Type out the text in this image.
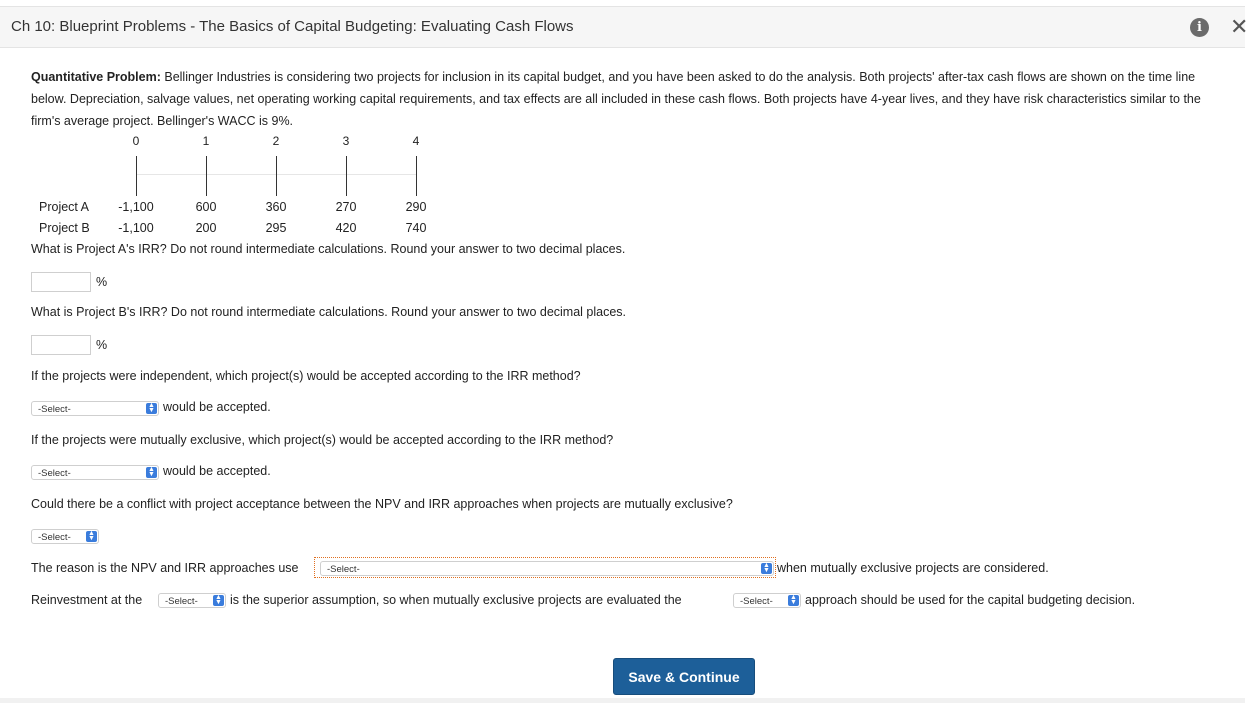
Ch 10: Blueprint Problems - The Basics of Capital Budgeting: Evaluating Cash Flows	i	✕
Quantitative Problem: Bellinger Industries is considering two projects for inclusion in its capital budget, and you have been asked to do the analysis. Both projects' after-tax cash flows are shown on the time line below. Depreciation, salvage values, net operating working capital requirements, and tax effects are all included in these cash flows. Both projects have 4-year lives, and they have risk characteristics similar to the firm's average project. Bellinger's WACC is 9%.
0	1	2	3	4
Project A	-1,100	600	360	270	290
Project B	-1,100	200	295	420	740
What is Project A's IRR? Do not round intermediate calculations. Round your answer to two decimal places.
%
What is Project B's IRR? Do not round intermediate calculations. Round your answer to two decimal places.
%
If the projects were independent, which project(s) would be accepted according to the IRR method?
-Select-	▲
▼ would be accepted.
If the projects were mutually exclusive, which project(s) would be accepted according to the IRR method?
-Select-	▲
▼ would be accepted.
Could there be a conflict with project acceptance between the NPV and IRR approaches when projects are mutually exclusive?
-Select- ▲
▼
The reason is the NPV and IRR approaches use	-Select-	▲
▼ when mutually exclusive projects are considered.
Reinvestment at the	-Select- ▲
▼ is the superior assumption, so when mutually exclusive projects are evaluated the	-Select- ▲
▼ approach should be used for the capital budgeting decision.
Save & Continue
